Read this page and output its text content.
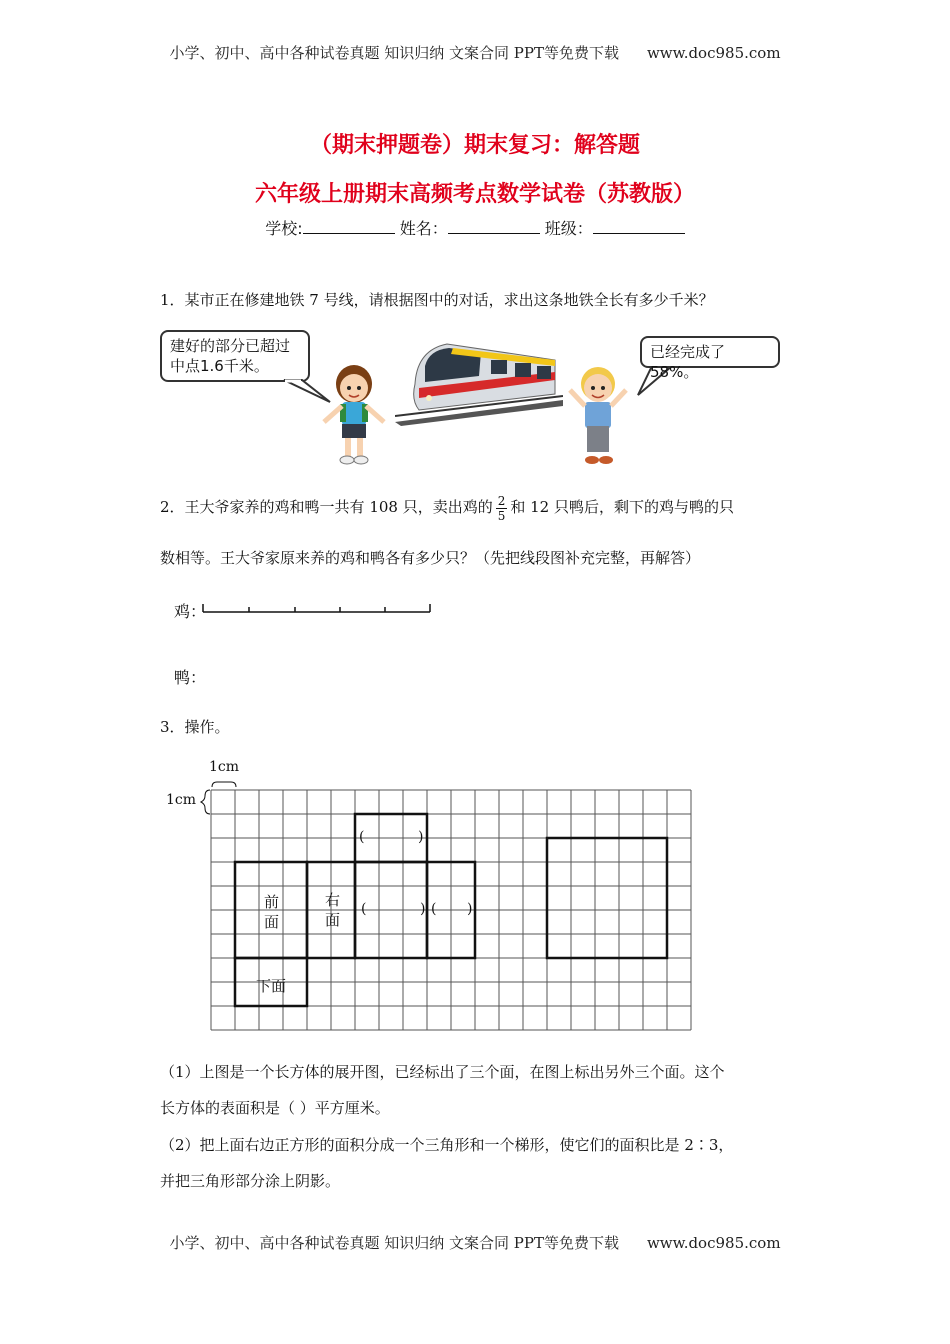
小学、初中、高中各种试卷真题 知识归纳 文案合同 PPT等免费下载 www.doc985.com
（期末押题卷）期末复习：解答题
六年级上册期末高频考点数学试卷（苏教版）
学校:	姓名：	班级：
1．某市正在修建地铁 7 号线，请根据图中的对话，求出这条地铁全长有多少千米？
建好的部分已超过中点1.6千米。
已经完成了58%。
2．王大爷家养的鸡和鸭一共有 108 只，卖出鸡的 $\frac{2}{5}$ 和 12 只鸭后，剩下的鸡与鸭的只
数相等。王大爷家原来养的鸡和鸭各有多少只？（先把线段图补充完整，再解答）
鸡：
鸭：
3．操作。
1cm
1cm
前
面
右
面
下面
(	)
(	) ( )
（1）上图是一个长方体的展开图，已经标出了三个面，在图上标出另外三个面。这个
长方体的表面积是（ ）平方厘米。
（2）把上面右边正方形的面积分成一个三角形和一个梯形，使它们的面积比是 2∶3，
并把三角形部分涂上阴影。
小学、初中、高中各种试卷真题 知识归纳 文案合同 PPT等免费下载 www.doc985.com
